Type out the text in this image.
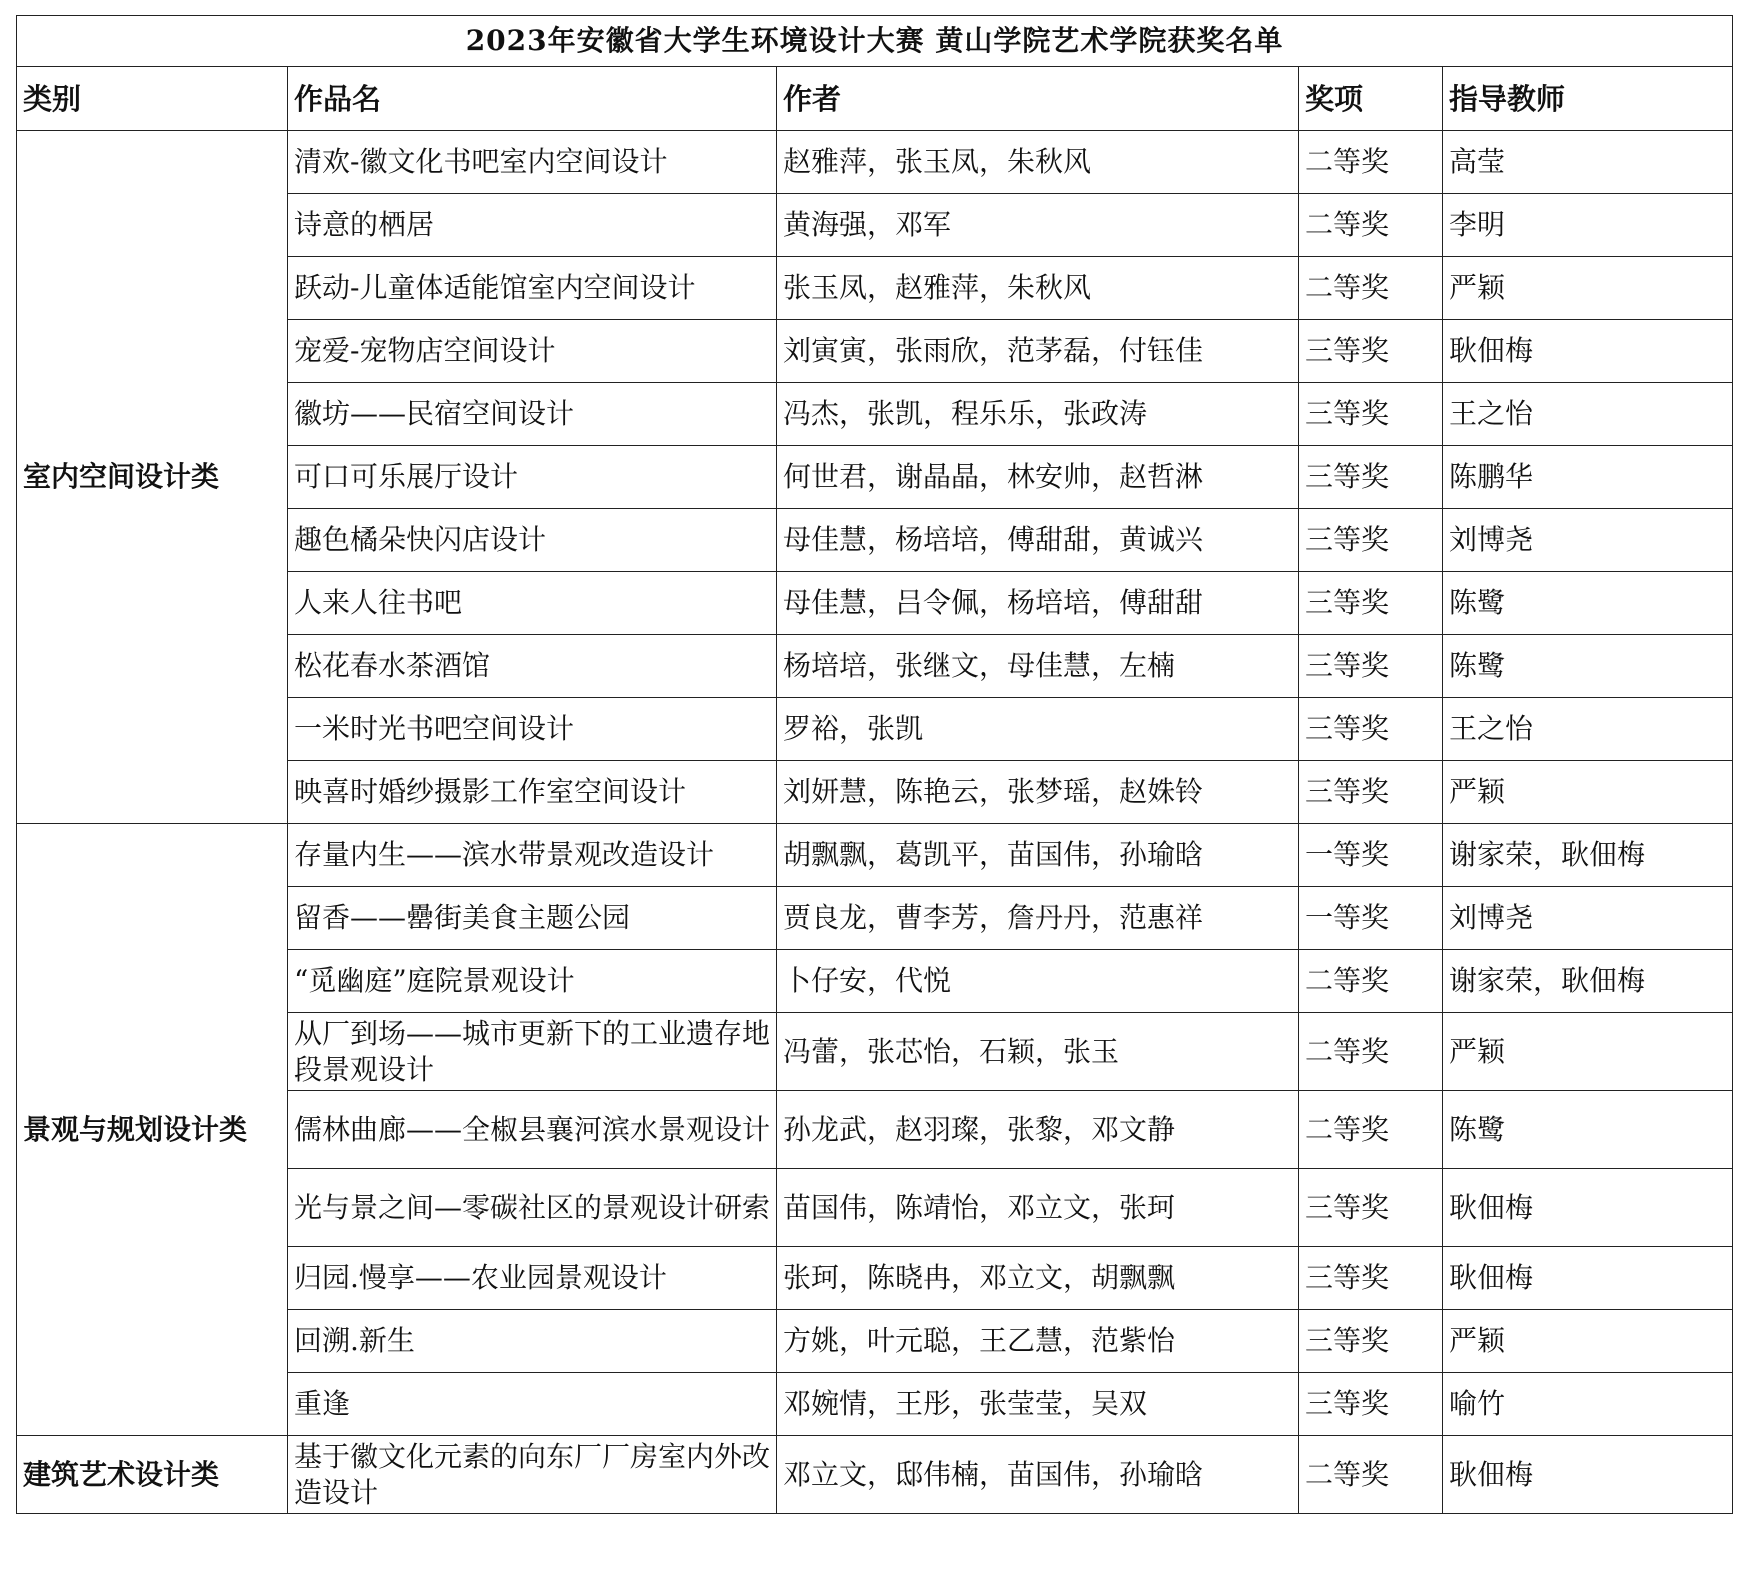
2023年安徽省大学生环境设计大赛 黄山学院艺术学院获奖名单				
类别	作品名	作者	奖项	指导教师
室内空间设计类	清欢-徽文化书吧室内空间设计	赵雅萍，张玉凤，朱秋风	二等奖	高莹
	诗意的栖居	黄海强，邓军	二等奖	李明
	跃动-儿童体适能馆室内空间设计	张玉凤，赵雅萍，朱秋风	二等奖	严颖
	宠爱-宠物店空间设计	刘寅寅，张雨欣，范茅磊，付钰佳	三等奖	耿佃梅
	徽坊——民宿空间设计	冯杰，张凯，程乐乐，张政涛	三等奖	王之怡
	可口可乐展厅设计	何世君，谢晶晶，林安帅，赵哲淋	三等奖	陈鹏华
	趣色橘朵快闪店设计	母佳慧，杨培培，傅甜甜，黄诚兴	三等奖	刘博尧
	人来人往书吧	母佳慧，吕令佩，杨培培，傅甜甜	三等奖	陈鹭
	松花春水茶酒馆	杨培培，张继文，母佳慧，左楠	三等奖	陈鹭
	一米时光书吧空间设计	罗裕，张凯	三等奖	王之怡
	映喜时婚纱摄影工作室空间设计	刘妍慧，陈艳云，张梦瑶，赵姝铃	三等奖	严颖
景观与规划设计类	存量内生——滨水带景观改造设计	胡飘飘，葛凯平，苗国伟，孙瑜晗	一等奖	谢家荣，耿佃梅
	留香——罍街美食主题公园	贾良龙，曹李芳，詹丹丹，范惠祥	一等奖	刘博尧
	“觅幽庭”庭院景观设计	卜仔安，代悦	二等奖	谢家荣，耿佃梅
	从厂到场——城市更新下的工业遗存地段景观设计	冯蕾，张芯怡，石颖，张玉	二等奖	严颖
	儒林曲廊——全椒县襄河滨水景观设计	孙龙武，赵羽璨，张黎，邓文静	二等奖	陈鹭
	光与景之间—零碳社区的景观设计研索	苗国伟，陈靖怡，邓立文，张珂	三等奖	耿佃梅
	归园.慢享——农业园景观设计	张珂，陈晓冉，邓立文，胡飘飘	三等奖	耿佃梅
	回溯.新生	方姚，叶元聪，王乙慧，范紫怡	三等奖	严颖
	重逢	邓婉情，王彤，张莹莹，吴双	三等奖	喻竹
建筑艺术设计类	基于徽文化元素的向东厂厂房室内外改造设计	邓立文，邸伟楠，苗国伟，孙瑜晗	二等奖	耿佃梅
